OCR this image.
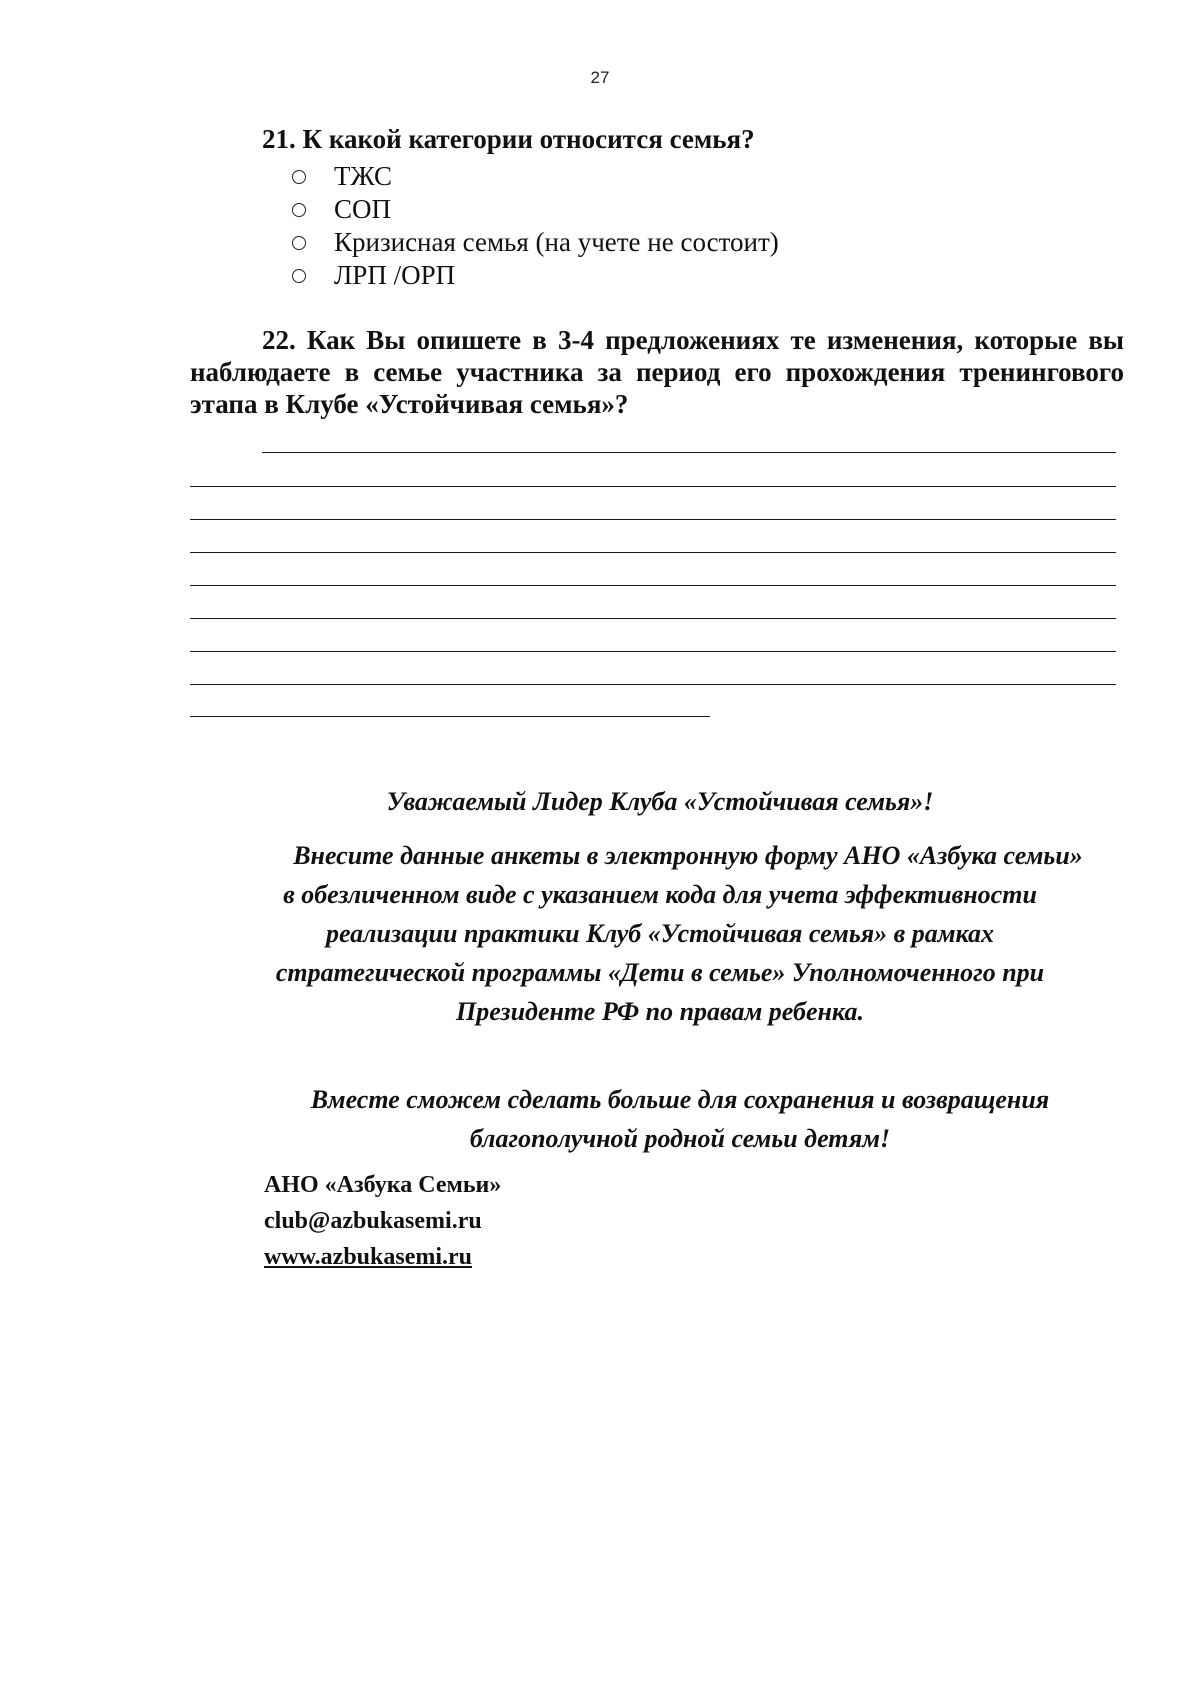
27
21. К какой категории относится семья?
ТЖС
СОП
Кризисная семья (на учете не состоит)
ЛРП /ОРП
22. Как Вы опишете в 3-4 предложениях те изменения, которые вы наблюдаете в семье участника за период его прохождения тренингового этапа в Клубе «Устойчивая семья»?
Уважаемый Лидер Клуба «Устойчивая семья»!
Внесите данные анкеты в электронную форму АНО «Азбука семьи»
в обезличенном виде с указанием кода для учета эффективности
реализации практики Клуб «Устойчивая семья» в рамках
стратегической программы «Дети в семье» Уполномоченного при
Президенте РФ по правам ребенка.
Вместе сможем сделать больше для сохранения и возвращения
благополучной родной семьи детям!
АНО «Азбука Семьи»
club@azbukasemi.ru
www.azbukasemi.ru
